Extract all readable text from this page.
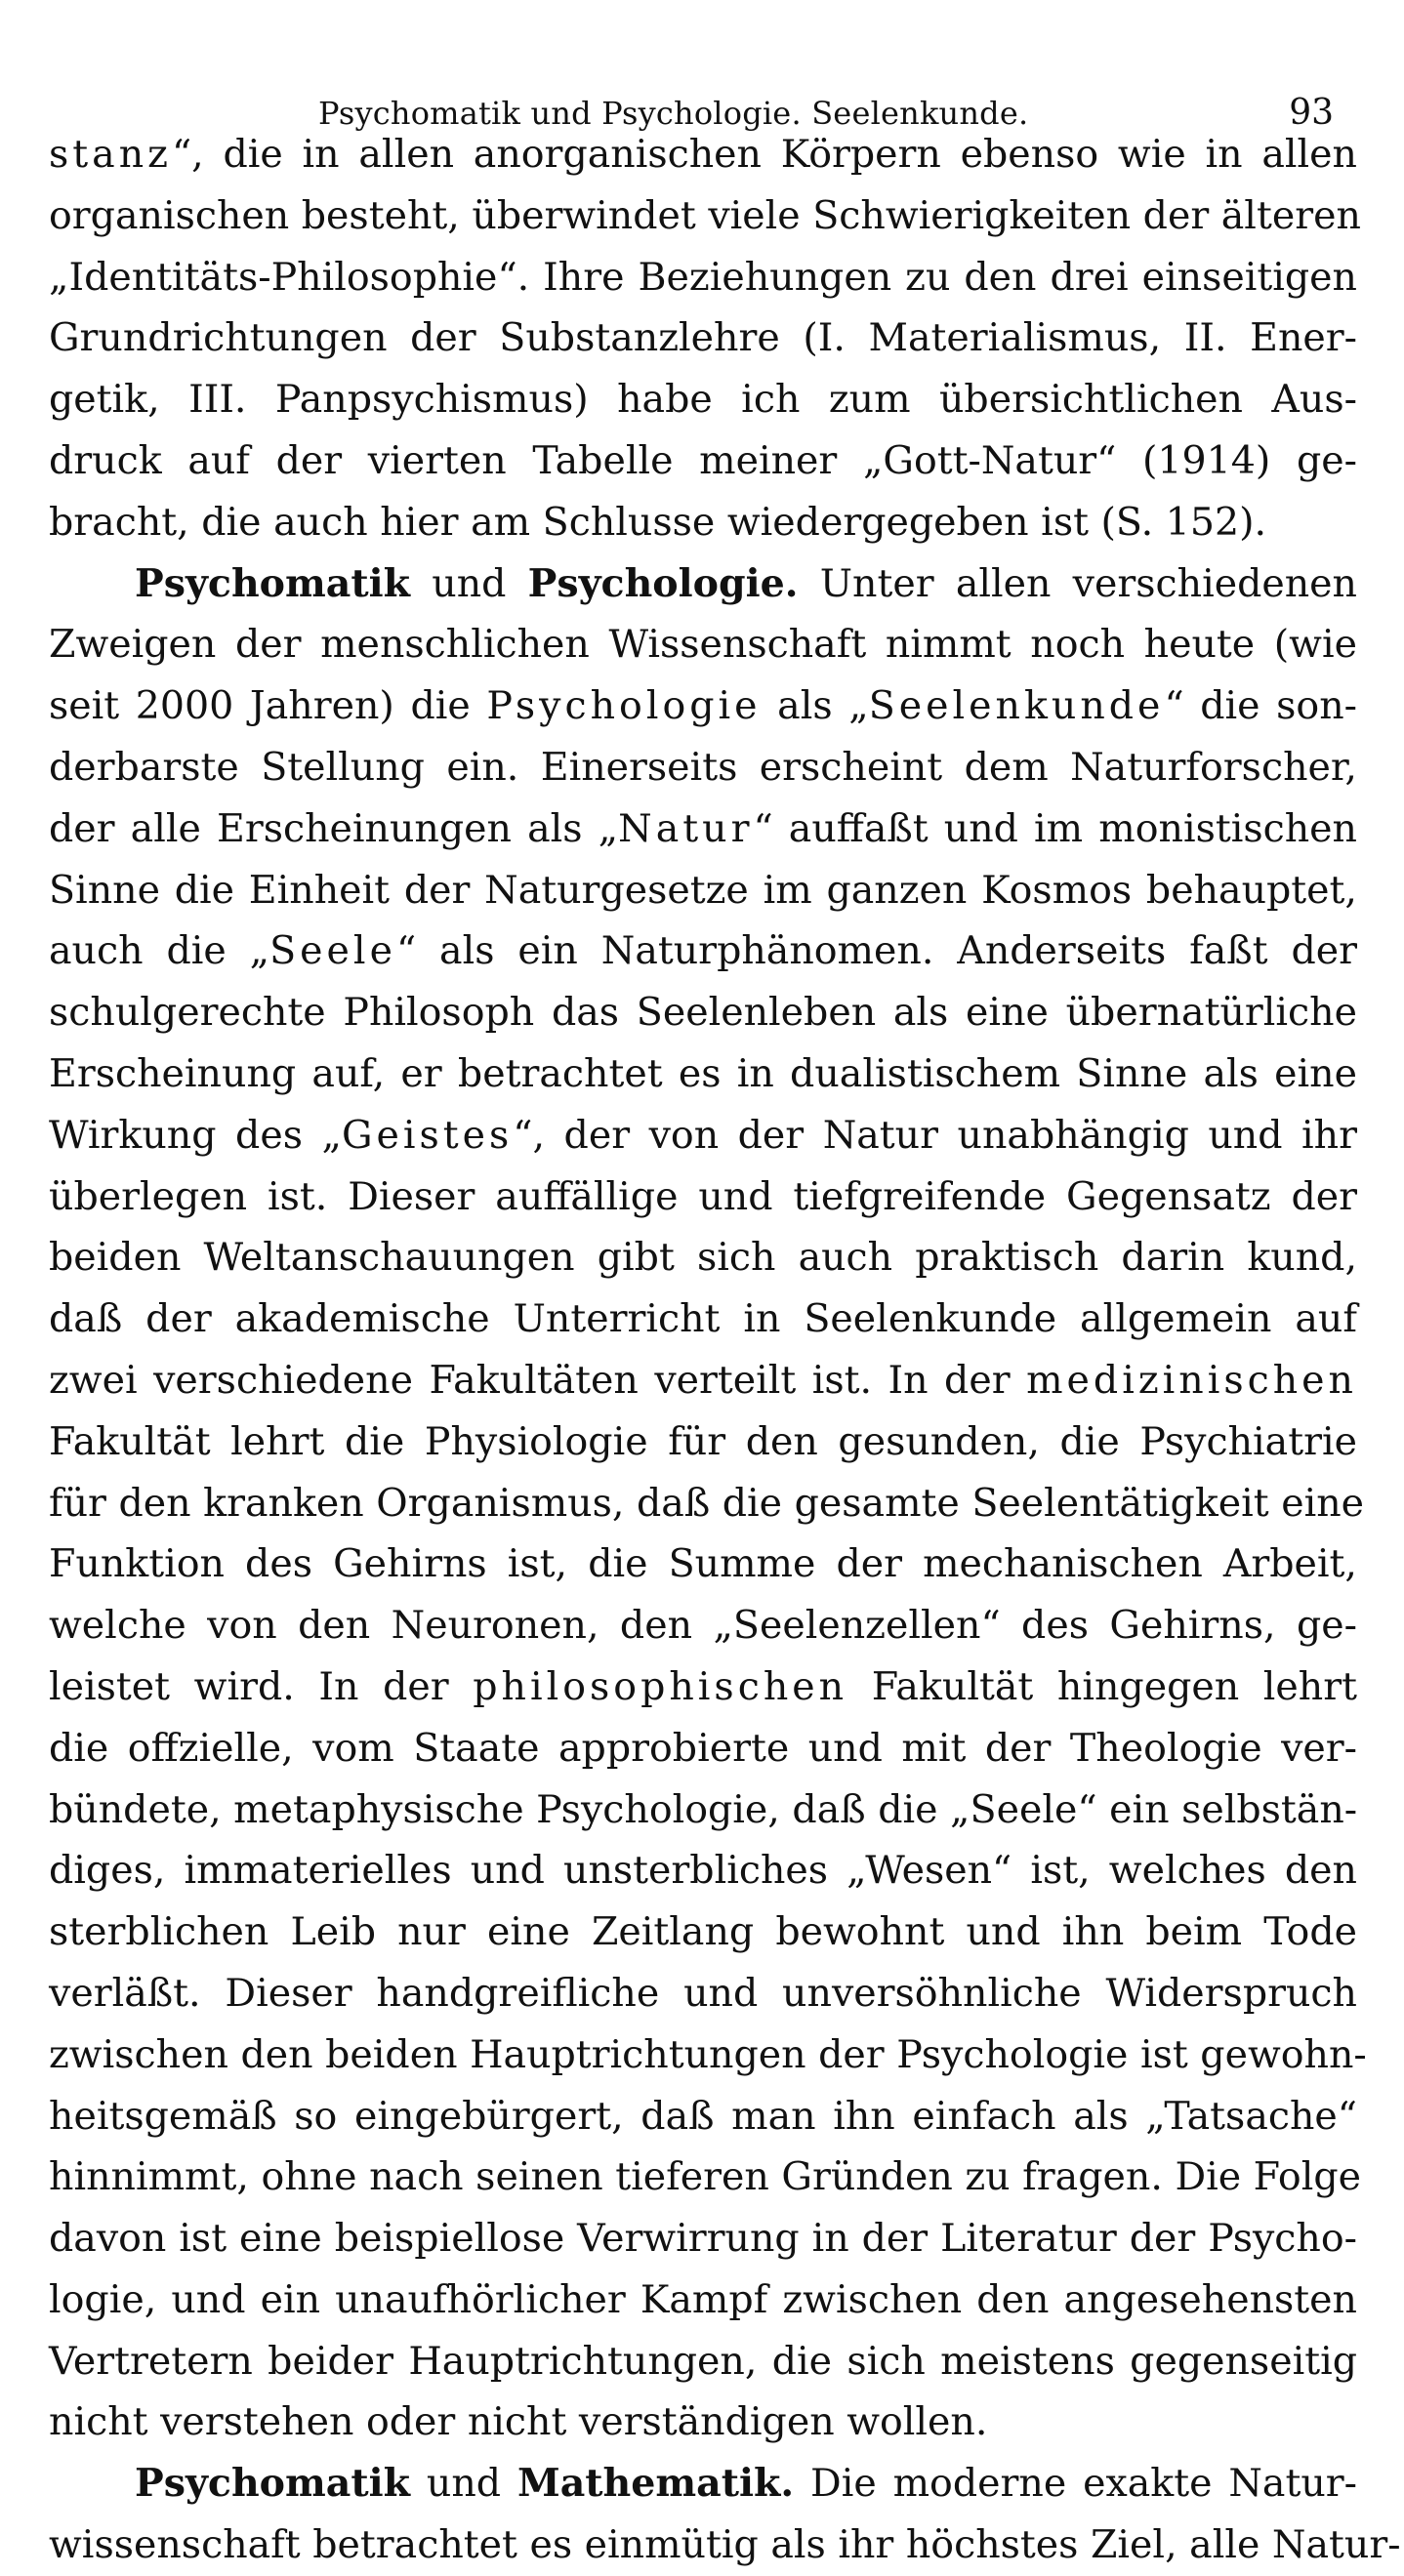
Psychomatik und Psychologie. Seelenkunde.	93
stanz“, die in allen anorganischen Körpern ebenso wie in allen
organischen besteht, überwindet viele Schwierigkeiten der älteren
„Identitäts-Philosophie“. Ihre Beziehungen zu den drei einseitigen
Grundrichtungen der Substanzlehre (I. Materialismus, II. Ener-
getik, III. Panpsychismus) habe ich zum übersichtlichen Aus-
druck auf der vierten Tabelle meiner „Gott-Natur“ (1914) ge-
bracht, die auch hier am Schlusse wiedergegeben ist (S. 152).
Psychomatik und Psychologie. Unter allen verschiedenen
Zweigen der menschlichen Wissenschaft nimmt noch heute (wie
seit 2000 Jahren) die Psychologie als „Seelenkunde“ die son-
derbarste Stellung ein. Einerseits erscheint dem Naturforscher,
der alle Erscheinungen als „Natur“ auffaßt und im monistischen
Sinne die Einheit der Naturgesetze im ganzen Kosmos behauptet,
auch die „Seele“ als ein Naturphänomen. Anderseits faßt der
schulgerechte Philosoph das Seelenleben als eine übernatürliche
Erscheinung auf, er betrachtet es in dualistischem Sinne als eine
Wirkung des „Geistes“, der von der Natur unabhängig und ihr
überlegen ist. Dieser auffällige und tiefgreifende Gegensatz der
beiden Weltanschauungen gibt sich auch praktisch darin kund,
daß der akademische Unterricht in Seelenkunde allgemein auf
zwei verschiedene Fakultäten verteilt ist. In der medizinischen
Fakultät lehrt die Physiologie für den gesunden, die Psychiatrie
für den kranken Organismus, daß die gesamte Seelentätigkeit eine
Funktion des Gehirns ist, die Summe der mechanischen Arbeit,
welche von den Neuronen, den „Seelenzellen“ des Gehirns, ge-
leistet wird. In der philosophischen Fakultät hingegen lehrt
die offzielle, vom Staate approbierte und mit der Theologie ver-
bündete, metaphysische Psychologie, daß die „Seele“ ein selbstän-
diges, immaterielles und unsterbliches „Wesen“ ist, welches den
sterblichen Leib nur eine Zeitlang bewohnt und ihn beim Tode
verläßt. Dieser handgreifliche und unversöhnliche Widerspruch
zwischen den beiden Hauptrichtungen der Psychologie ist gewohn-
heitsgemäß so eingebürgert, daß man ihn einfach als „Tatsache“
hinnimmt, ohne nach seinen tieferen Gründen zu fragen. Die Folge
davon ist eine beispiellose Verwirrung in der Literatur der Psycho-
logie, und ein unaufhörlicher Kampf zwischen den angesehensten
Vertretern beider Hauptrichtungen, die sich meistens gegenseitig
nicht verstehen oder nicht verständigen wollen.
Psychomatik und Mathematik. Die moderne exakte Natur-
wissenschaft betrachtet es einmütig als ihr höchstes Ziel, alle Natur-
